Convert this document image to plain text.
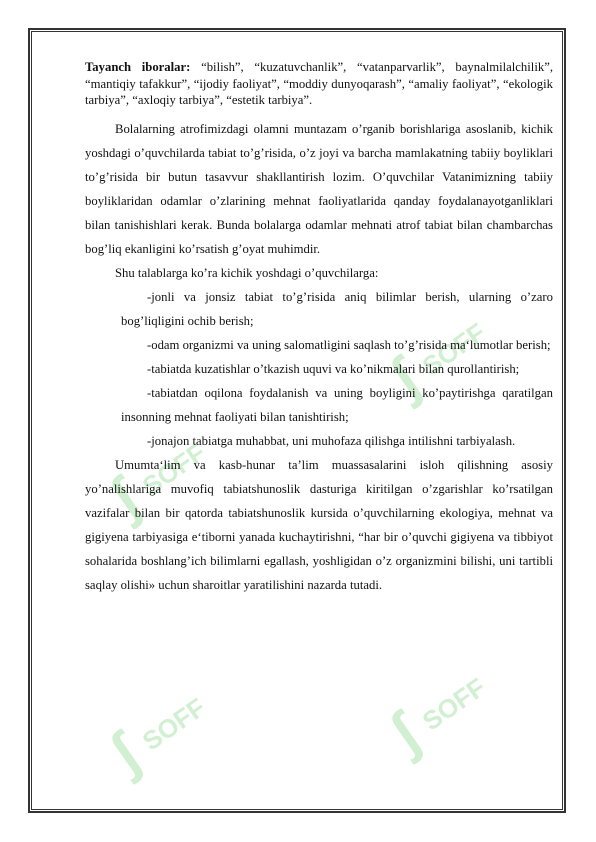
ʃ
SOFF
ʃ
SOFF
ʃ
SOFF	ʃ
SOFF

Tayanch iboralar: “bilish”, “kuzatuvchanlik”, “vatanparvarlik”, baynalmilalchilik”, “mantiqiy tafakkur”, “ijodiy faoliyat”, “moddiy dunyoqarash”, “amaliy faoliyat”, “ekologik tarbiya”, “axloqiy tarbiya”, “estetik tarbiya”.

Bolalarning atrofimizdagi olamni muntazam o’rganib borishlariga asoslanib, kichik yoshdagi o’quvchilarda tabiat to’g’risida, o’z joyi va barcha mamlakatning tabiiy boyliklari to’g’risida bir butun tasavvur shakllantirish lozim. O’quvchilar Vatanimizning tabiiy boyliklaridan odamlar o’zlarining mehnat faoliyatlarida qanday foydalanayotganliklari bilan tanishishlari kerak. Bunda bolalarga odamlar mehnati atrof tabiat bilan chambarchas bog’liq ekanligini ko’rsatish g’oyat muhimdir.

Shu talablarga ko’ra kichik yoshdagi o’quvchilarga:

-jonli va jonsiz tabiat to’g’risida aniq bilimlar berish, ularning o’zaro bog’liqligini ochib berish;

-odam organizmi va uning salomatligini saqlash to’g’risida ma‘lumotlar berish;

-tabiatda kuzatishlar o’tkazish uquvi va ko’nikmalari bilan qurollantirish;

-tabiatdan oqilona foydalanish va uning boyligini ko’paytirishga qaratilgan insonning mehnat faoliyati bilan tanishtirish;

-jonajon tabiatga muhabbat, uni muhofaza qilishga intilishni tarbiyalash.

Umumta‘lim va kasb-hunar ta’lim muassasalarini isloh qilishning asosiy yo’nalishlariga muvofiq tabiatshunoslik dasturiga kiritilgan o’zgarishlar ko’rsatilgan vazifalar bilan bir qatorda tabiatshunoslik kursida o’quvchilarning ekologiya, mehnat va gigiyena tarbiyasiga e‘tiborni yanada kuchaytirishni, “har bir o’quvchi gigiyena va tibbiyot sohalarida boshlang’ich bilimlarni egallash, yoshligidan o’z organizmini bilishi, uni tartibli saqlay olishi» uchun sharoitlar yaratilishini nazarda tutadi.
